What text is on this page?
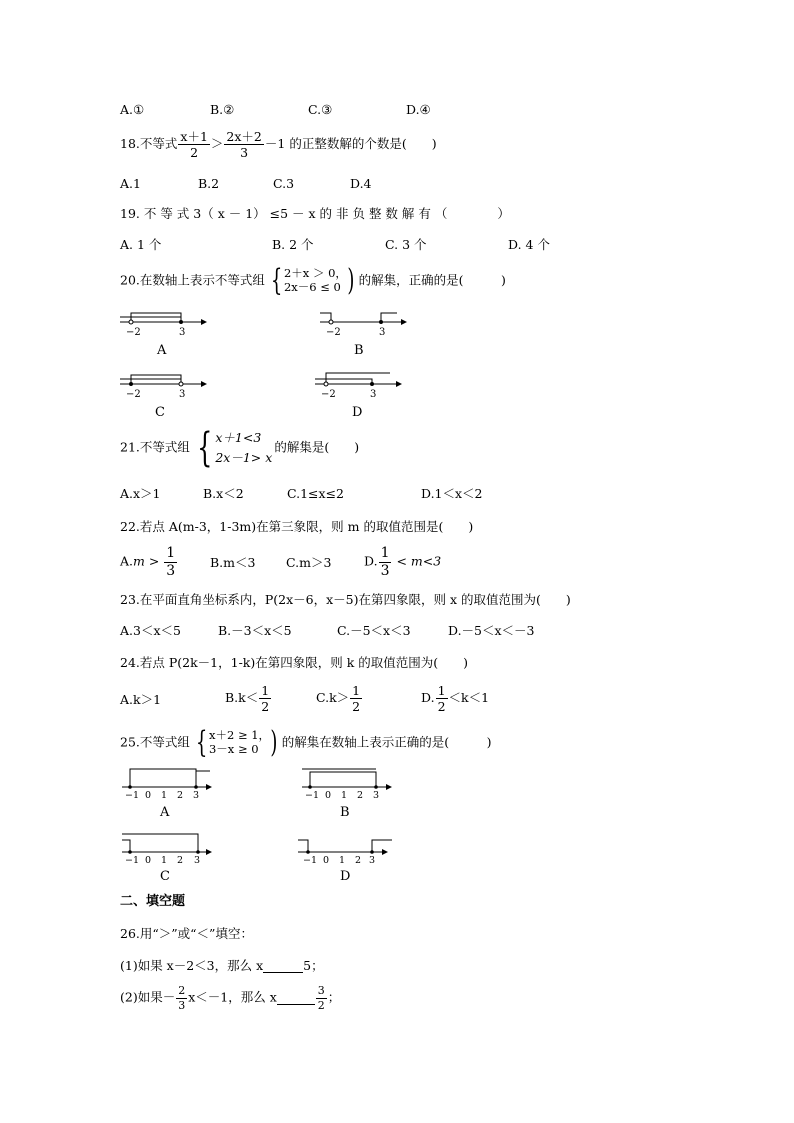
A.①	B.②	C.③	D.④
18.不等式 $\frac{x+1}{2} > \frac{2x+2}{3} -1$ 的正整数解的个数是(　　)
A.1	B.2	C.3	D.4
19. 不 等 式 3（ x － 1） ≤5 － x 的 非 负 整 数 解 有 （　　　　）
A. 1 个	B. 2 个	C. 3 个	D. 4 个
20.在数轴上表示不等式组 { 2＋x ＞ 0，
2x－6 ≤ 0 ) 的解集，正确的是(　　　)
−2	3
A
−2	3
B
−2	3
C
−2	3
D
21.不等式组 { x＋1<3
2x－1> x
的解集是(　　)
A.x＞1	B.x＜2	C.1≤x≤2	D.1＜x＜2
22.若点 A(m-3，1-3m)在第三象限，则 m 的取值范围是(　　)
$A.m > \frac{1}{3}$	B.m＜3 C.m＞3	D. $\frac{1}{3} < m<3$
23.在平面直角坐标系内，P(2x－6，x－5)在第四象限，则 x 的取值范围为(　　)
A.3＜x＜5	B.－3＜x＜5	C.－5＜x＜3	D.－5＜x＜－3
24.若点 P(2k－1，1-k)在第四象限，则 k 的取值范围为(　　)
A.k＞1	$B.k< \frac{1}{2}$	$C.k> \frac{1}{2}$	D. $\frac{1}{2} <k<1$
25.不等式组 { x＋2 ≥ 1，
3－x ≥ 0 ) 的解集在数轴上表示正确的是(　　　)
−1 0 1 2 3
A
−1 0 1 2 3
B
−1 0 1 2 3
C
−1 0 1 2 3
D
二、填空题
26.用“＞”或“＜”填空：
(1)如果 x－2＜3，那么 x	5；
(2)如果－ $\frac{2}{3} x<-1$，那么 x	$\frac{3}{2}$ ；
